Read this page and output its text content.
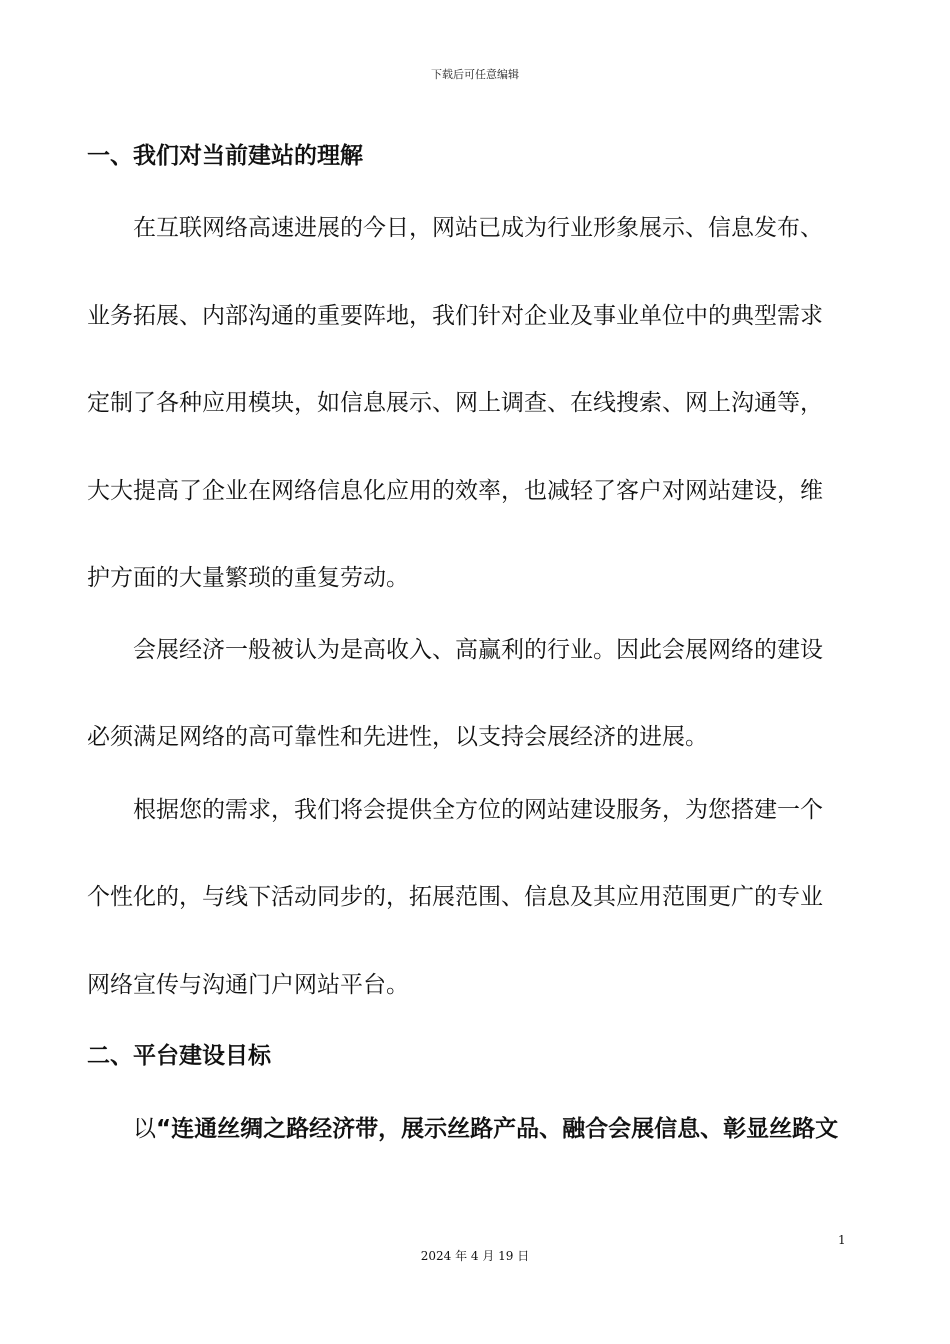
下载后可任意编辑
一、我们对当前建站的理解
在互联网络高速进展的今日，网站已成为行业形象展示、信息发布、
业务拓展、内部沟通的重要阵地，我们针对企业及事业单位中的典型需求
定制了各种应用模块，如信息展示、网上调查、在线搜索、网上沟通等，
大大提高了企业在网络信息化应用的效率，也减轻了客户对网站建设，维
护方面的大量繁琐的重复劳动。
会展经济一般被认为是高收入、高赢利的行业。因此会展网络的建设
必须满足网络的高可靠性和先进性，以支持会展经济的进展。
根据您的需求，我们将会提供全方位的网站建设服务，为您搭建一个
个性化的，与线下活动同步的，拓展范围、信息及其应用范围更广的专业
网络宣传与沟通门户网站平台。
二、平台建设目标
以“连通丝绸之路经济带，展示丝路产品、融合会展信息、彰显丝路文
1
2024 年 4 月 19 日
